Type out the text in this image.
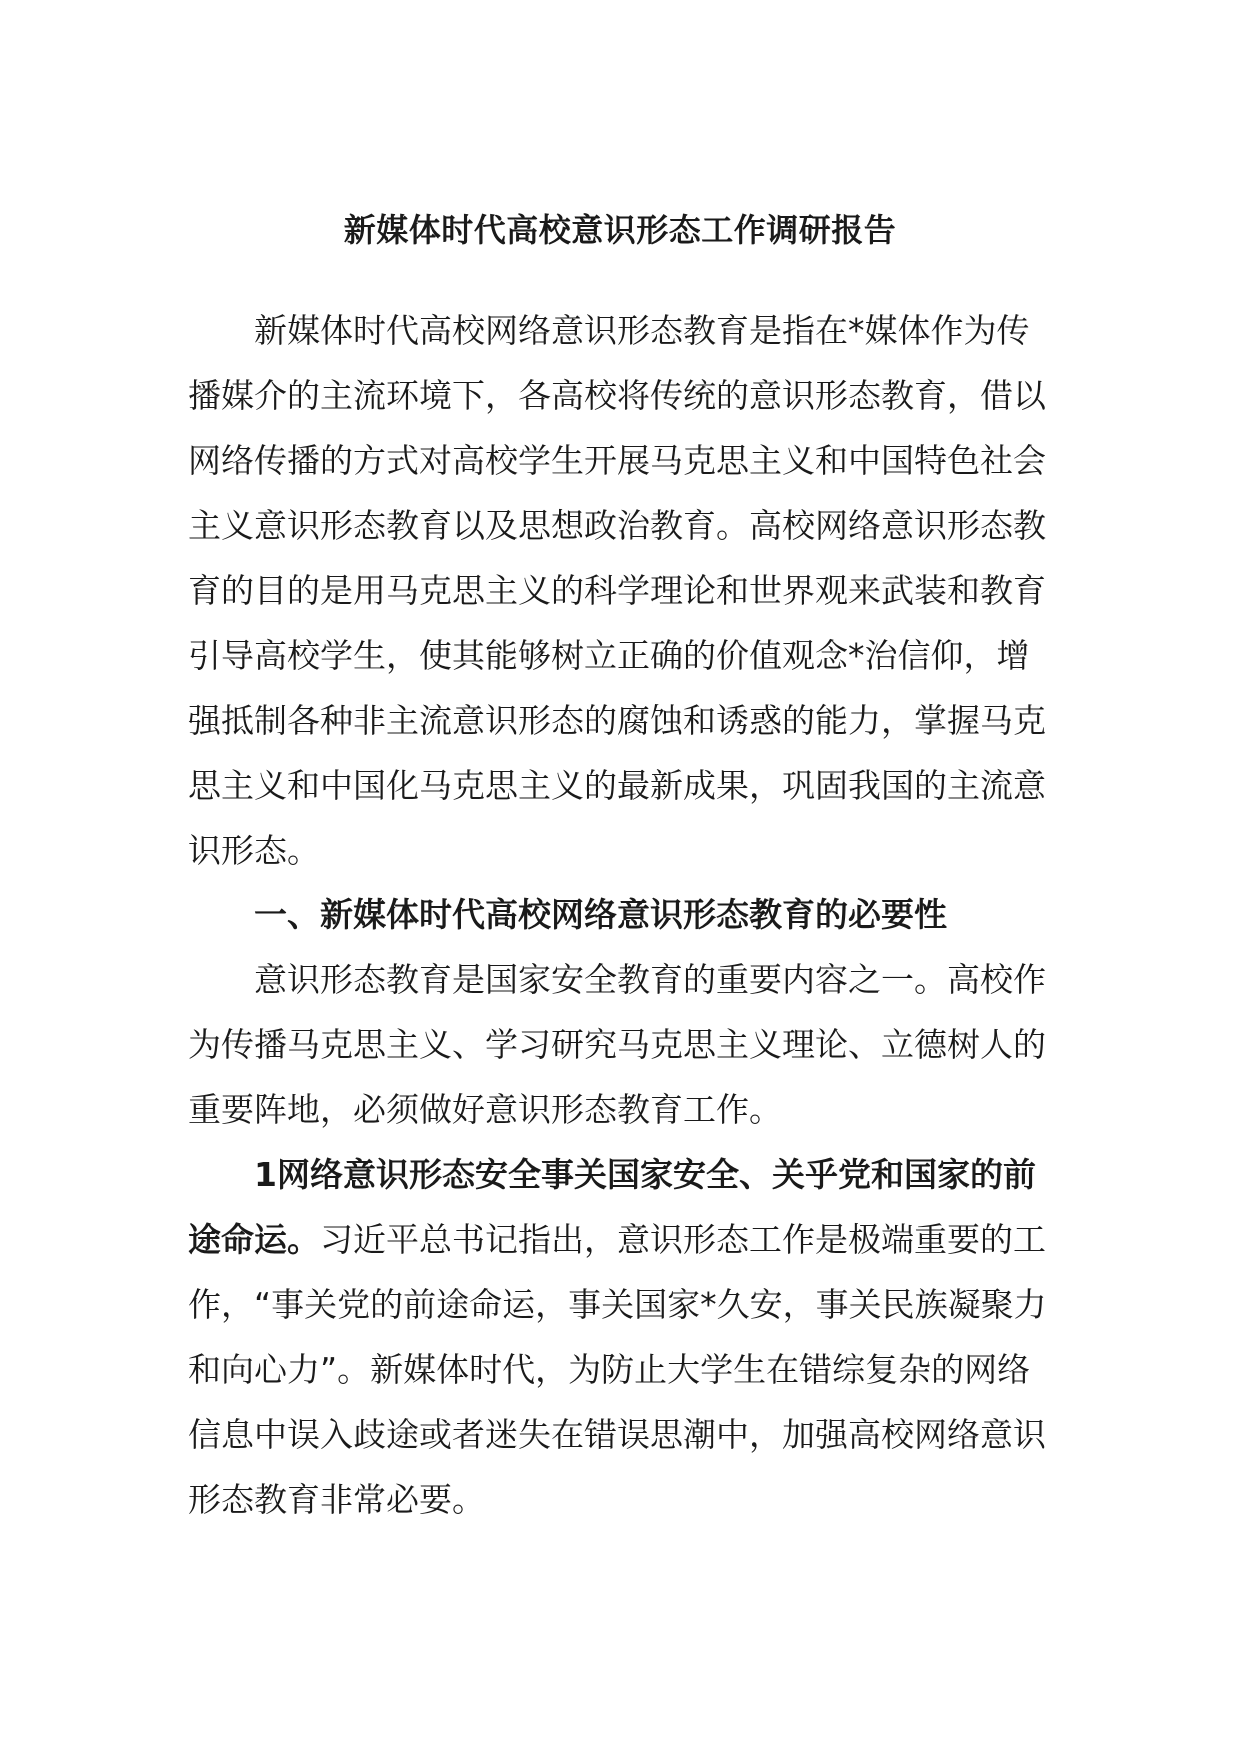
新媒体时代高校意识形态工作调研报告

新媒体时代高校网络意识形态教育是指在*媒体作为传播媒介的主流环境下，各高校将传统的意识形态教育，借以网络传播的方式对高校学生开展马克思主义和中国特色社会主义意识形态教育以及思想政治教育。高校网络意识形态教育的目的是用马克思主义的科学理论和世界观来武装和教育引导高校学生，使其能够树立正确的价值观念*治信仰，增强抵制各种非主流意识形态的腐蚀和诱惑的能力，掌握马克思主义和中国化马克思主义的最新成果，巩固我国的主流意识形态。

一、新媒体时代高校网络意识形态教育的必要性

意识形态教育是国家安全教育的重要内容之一。高校作为传播马克思主义、学习研究马克思主义理论、立德树人的重要阵地，必须做好意识形态教育工作。

1网络意识形态安全事关国家安全、关乎党和国家的前途命运。习近平总书记指出，意识形态工作是极端重要的工作，“事关党的前途命运，事关国家*久安，事关民族凝聚力和向心力”。新媒体时代，为防止大学生在错综复杂的网络信息中误入歧途或者迷失在错误思潮中，加强高校网络意识形态教育非常必要。
